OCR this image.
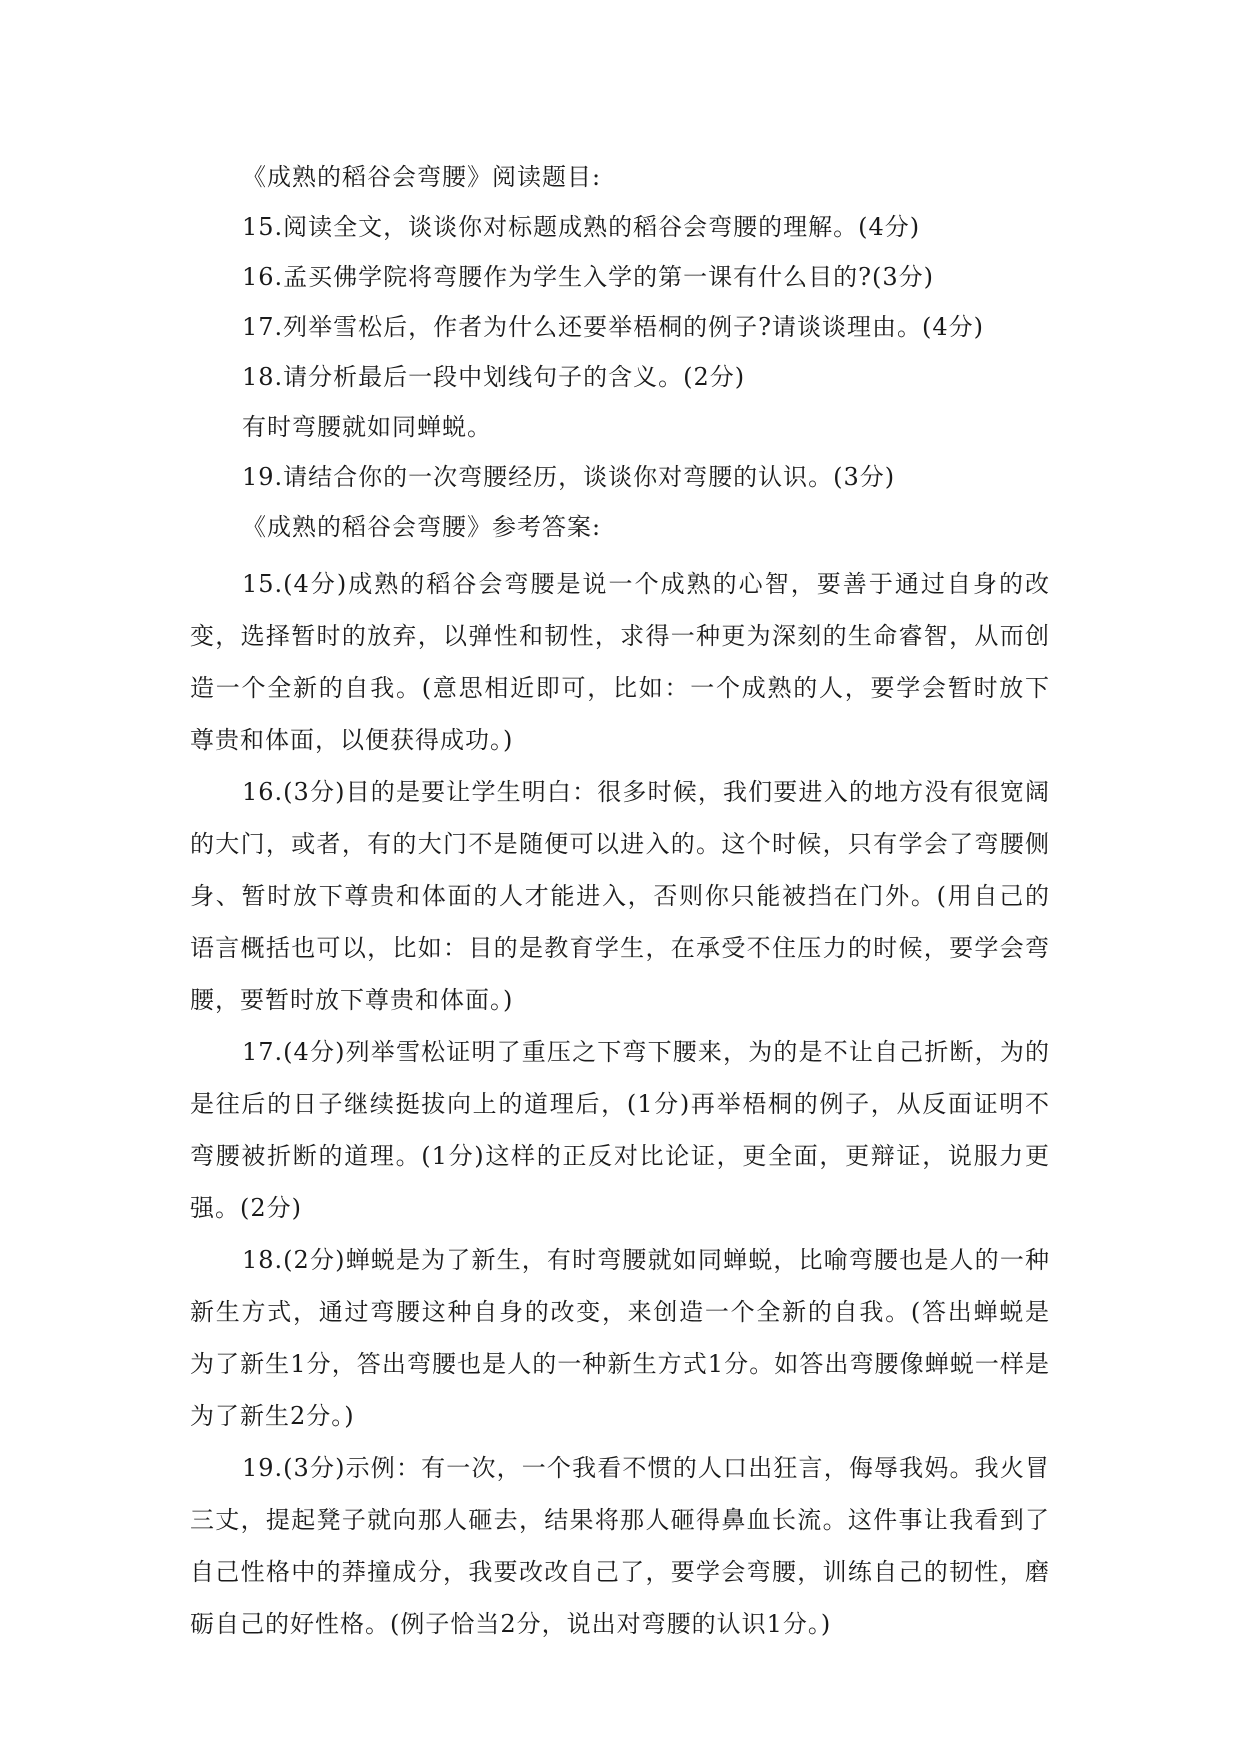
《成熟的稻谷会弯腰》阅读题目:

15.阅读全文，谈谈你对标题成熟的稻谷会弯腰的理解。(4分)

16.孟买佛学院将弯腰作为学生入学的第一课有什么目的?(3分)

17.列举雪松后，作者为什么还要举梧桐的例子?请谈谈理由。(4分)

18.请分析最后一段中划线句子的含义。(2分)

有时弯腰就如同蝉蜕。

19.请结合你的一次弯腰经历，谈谈你对弯腰的认识。(3分)

《成熟的稻谷会弯腰》参考答案:

15.(4分)成熟的稻谷会弯腰是说一个成熟的心智，要善于通过自身的改变，选择暂时的放弃，以弹性和韧性，求得一种更为深刻的生命睿智，从而创造一个全新的自我。(意思相近即可，比如：一个成熟的人，要学会暂时放下尊贵和体面，以便获得成功。)

16.(3分)目的是要让学生明白：很多时候，我们要进入的地方没有很宽阔的大门，或者，有的大门不是随便可以进入的。这个时候，只有学会了弯腰侧身、暂时放下尊贵和体面的人才能进入，否则你只能被挡在门外。(用自己的语言概括也可以，比如：目的是教育学生，在承受不住压力的时候，要学会弯腰，要暂时放下尊贵和体面。)

17.(4分)列举雪松证明了重压之下弯下腰来，为的是不让自己折断，为的是往后的日子继续挺拔向上的道理后，(1分)再举梧桐的例子，从反面证明不弯腰被折断的道理。(1分)这样的正反对比论证，更全面，更辩证，说服力更强。(2分)

18.(2分)蝉蜕是为了新生，有时弯腰就如同蝉蜕，比喻弯腰也是人的一种新生方式，通过弯腰这种自身的改变，来创造一个全新的自我。(答出蝉蜕是为了新生1分，答出弯腰也是人的一种新生方式1分。如答出弯腰像蝉蜕一样是为了新生2分。)

19.(3分)示例：有一次，一个我看不惯的人口出狂言，侮辱我妈。我火冒三丈，提起凳子就向那人砸去，结果将那人砸得鼻血长流。这件事让我看到了自己性格中的莽撞成分，我要改改自己了，要学会弯腰，训练自己的韧性，磨砺自己的好性格。(例子恰当2分，说出对弯腰的认识1分。)
